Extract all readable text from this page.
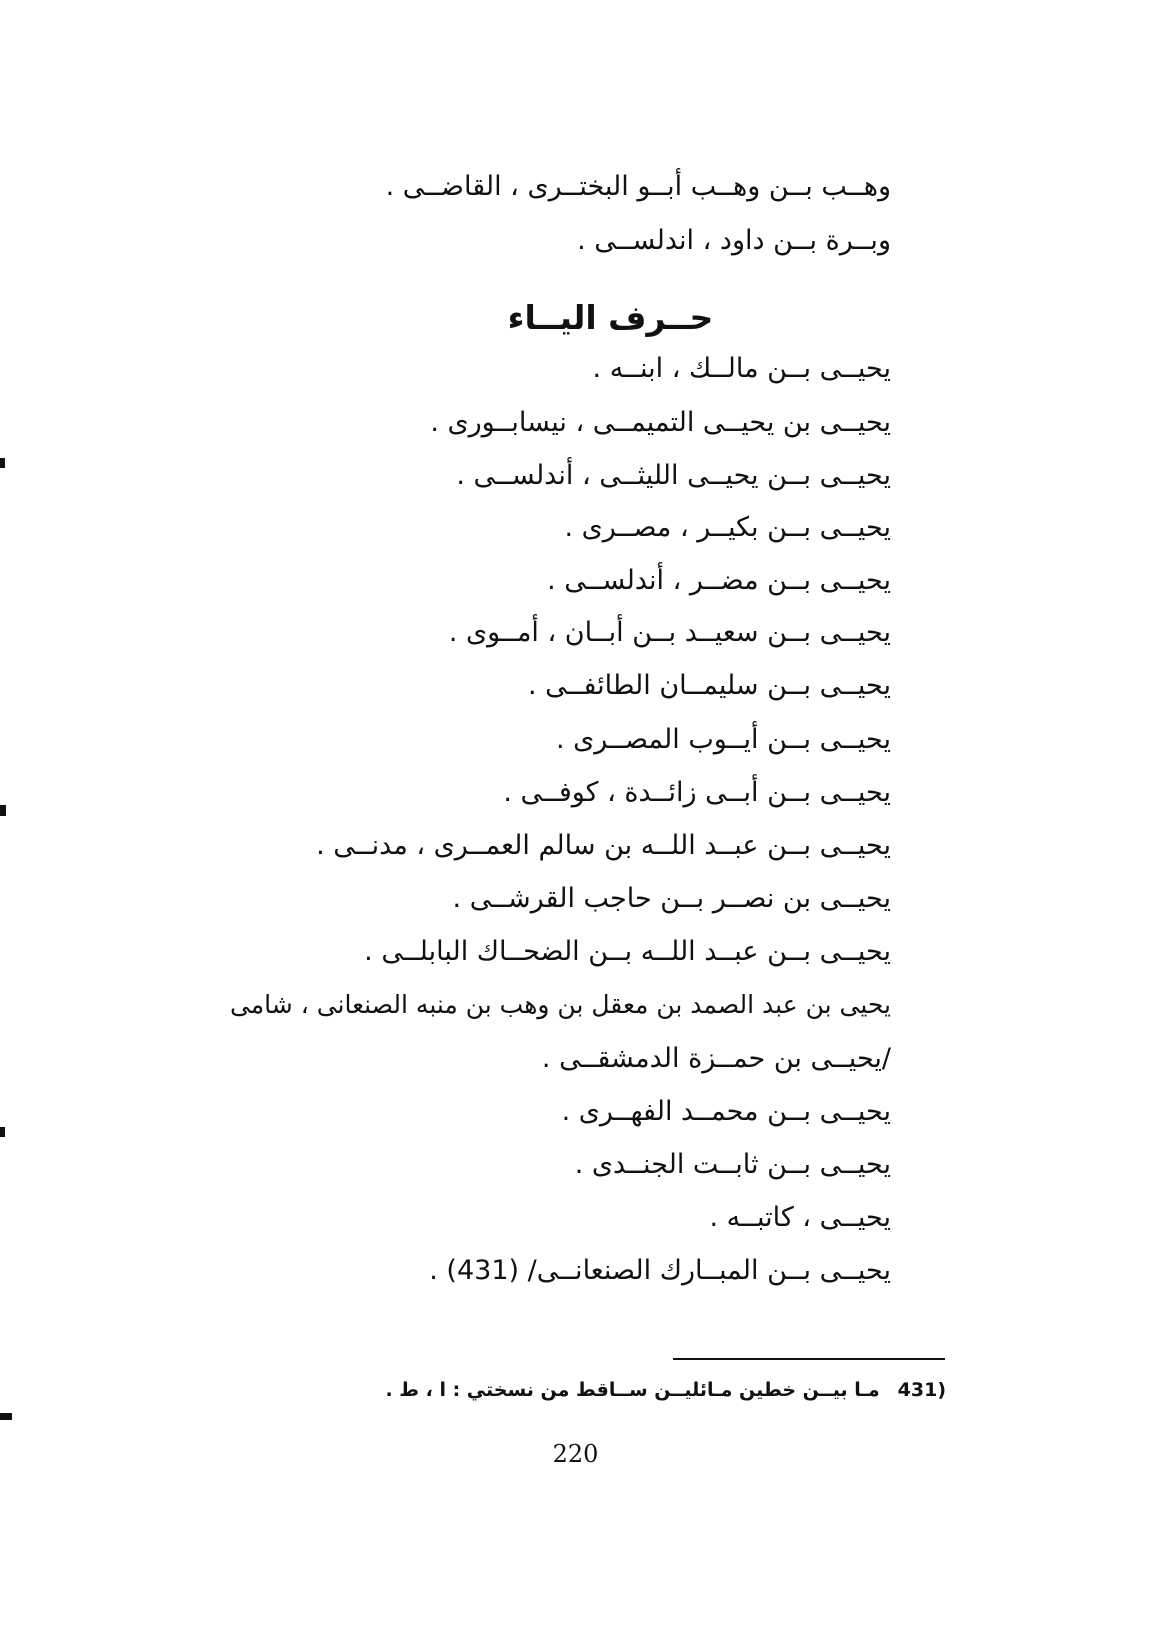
وهــب بــن وهــب أبــو البختــرى ، القاضــى .
وبــرة بــن داود ، اندلســى .
حــرف اليــاء
يحيــى بــن مالــك ، ابنــه .
يحيــى بن يحيــى التميمــى ، نيسابــورى .
يحيــى بــن يحيــى الليثــى ، أندلســى .
يحيــى بــن بكيــر ، مصــرى .
يحيــى بــن مضــر ، أندلســى .
يحيــى بــن سعيــد بــن أبــان ، أمــوى .
يحيــى بــن سليمــان الطائفــى .
يحيــى بــن أيــوب المصــرى .
يحيــى بــن أبــى زائــدة ، كوفــى .
يحيــى بــن عبــد اللــه بن سالم العمــرى ، مدنــى .
يحيــى بن نصــر بــن حاجب القرشــى .
يحيــى بــن عبــد اللــه بــن الضحــاك البابلــى .
يحيى بن عبد الصمد بن معقل بن وهب بن منبه الصنعانى ، شامى
/يحيــى بن حمــزة الدمشقــى .
يحيــى بــن محمــد الفهــرى .
يحيــى بــن ثابــت الجنــدى .
يحيــى ، كاتبــه .
يحيــى بــن المبــارك الصنعانــى/ (431) .
(431مـا بيــن خطين مـائليــن ســاقط من نسختي : ا ، ط .
220
